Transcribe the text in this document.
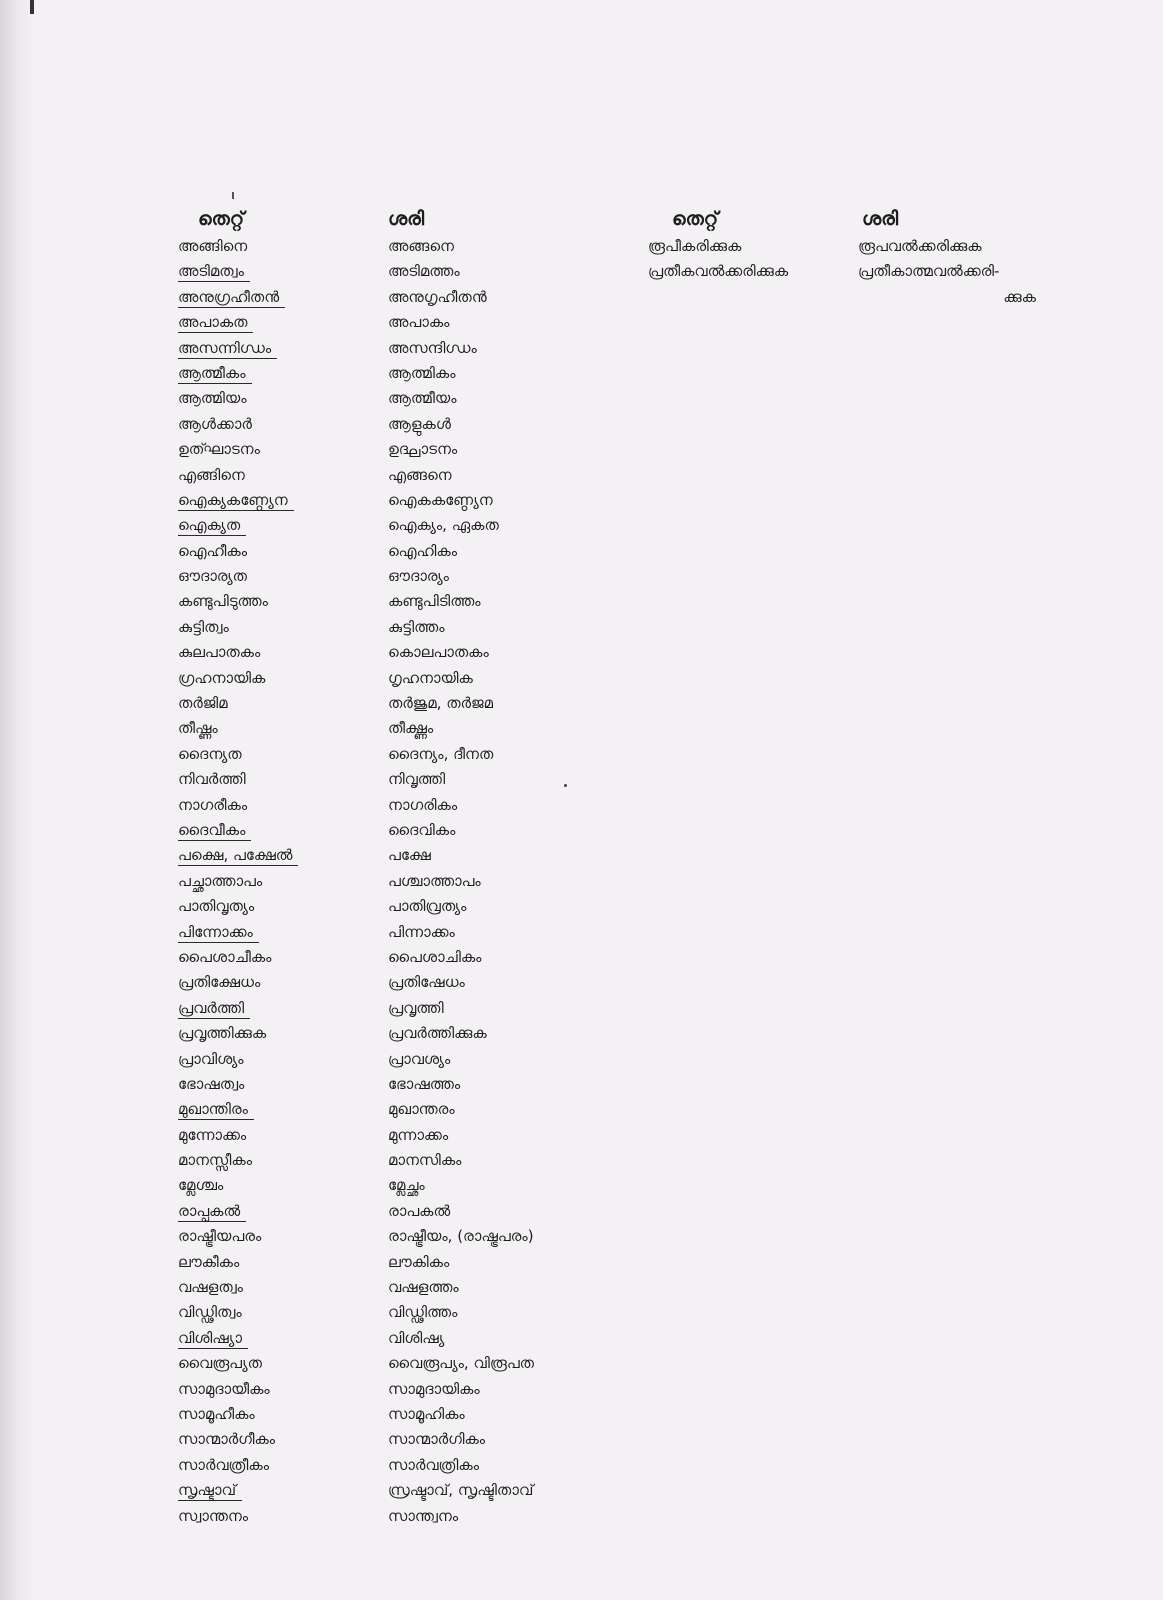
തെറ്റ്
അങ്ങിനെ
അടിമത്വം
അനുഗ്രഹീതൻ
അപാകത
അസന്നിഗ്ധം
ആത്മീകം
ആത്മിയം
ആൾക്കാർ
ഉത്ഘാടനം
എങ്ങിനെ
ഐക്യകണ്ഠ്യേന
ഐക്യത
ഐഹീകം
ഔദാര്യത
കണ്ടുപിടുത്തം
കുട്ടിത്വം
കുലപാതകം
ഗ്രഹനായിക
തർജിമ
തീഷ്ണം
ദൈന്യത
നിവർത്തി
നാഗരീകം
ദൈവീകം
പക്ഷെ, പക്ഷേൽ
പച്ഛാത്താപം
പാതിവൃത്യം
പിന്നോക്കം
പൈശാചീകം
പ്രതിക്ഷേധം
പ്രവർത്തി
പ്രവൃത്തിക്കുക
പ്രാവിശ്യം
ഭോഷത്വം
മുഖാന്തിരം
മുന്നോക്കം
മാനസ്സീകം
മ്ലേശ്ചം
രാപ്പകൽ
രാഷ്ട്രീയപരം
ലൗകീകം
വഷളത്വം
വിഡ്ഢിത്വം
വിശിഷ്യാ
വൈരൂപ്യത
സാമുദായീകം
സാമൂഹീകം
സാന്മാർഗീകം
സാർവത്രീകം
സൃഷ്ടാവ്
സ്വാന്തനം
ശരി
അങ്ങനെ
അടിമത്തം
അനുഗൃഹീതൻ
അപാകം
അസന്ദിഗ്ധം
ആത്മികം
ആത്മീയം
ആളുകൾ
ഉദ്ഘാടനം
എങ്ങനെ
ഐകകണ്ഠ്യേന
ഐക്യം, ഏകത
ഐഹികം
ഔദാര്യം
കണ്ടുപിടിത്തം
കുട്ടിത്തം
കൊലപാതകം
ഗൃഹനായിക
തർജുമ, തർജമ
തീക്ഷ്ണം
ദൈന്യം, ദീനത
നിവൃത്തി
നാഗരികം
ദൈവികം
പക്ഷേ
പശ്ചാത്താപം
പാതിവ്രത്യം
പിന്നാക്കം
പൈശാചികം
പ്രതിഷേധം
പ്രവൃത്തി
പ്രവർത്തിക്കുക
പ്രാവശ്യം
ഭോഷത്തം
മുഖാന്തരം
മുന്നാക്കം
മാനസികം
മ്ലേച്ഛം
രാപകൽ
രാഷ്ട്രീയം, (രാഷ്ട്രപരം)
ലൗകികം
വഷളത്തം
വിഡ്ഢിത്തം
വിശിഷ്യ
വൈരൂപ്യം, വിരൂപത
സാമുദായികം
സാമൂഹികം
സാന്മാർഗികം
സാർവത്രികം
സ്രഷ്ടാവ്, സൃഷ്ടിതാവ്
സാന്ത്വനം
തെറ്റ്
രൂപീകരിക്കുക
പ്രതീകവൽക്കരിക്കുക
ശരി
രൂപവൽക്കരിക്കുക
പ്രതീകാത്മവൽക്കരി-
ക്കുക
